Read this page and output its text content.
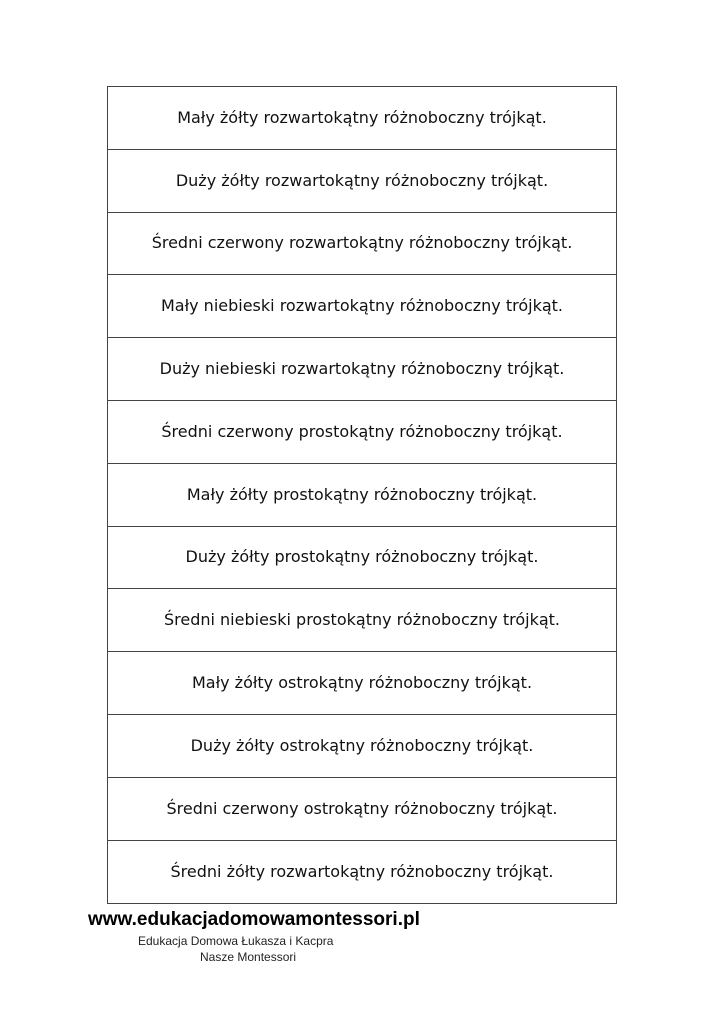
Mały żółty rozwartokątny różnoboczny trójkąt.
Duży żółty rozwartokątny różnoboczny trójkąt.
Średni czerwony rozwartokątny różnoboczny trójkąt.
Mały niebieski rozwartokątny różnoboczny trójkąt.
Duży niebieski rozwartokątny różnoboczny trójkąt.
Średni czerwony prostokątny różnoboczny trójkąt.
Mały żółty prostokątny różnoboczny trójkąt.
Duży żółty prostokątny różnoboczny trójkąt.
Średni niebieski prostokątny różnoboczny trójkąt.
Mały żółty ostrokątny różnoboczny trójkąt.
Duży żółty ostrokątny różnoboczny trójkąt.
Średni czerwony ostrokątny różnoboczny trójkąt.
Średni żółty rozwartokątny różnoboczny trójkąt.
www.edukacjadomowamontessori.pl
Edukacja Domowa Łukasza i Kacpra
Nasze Montessori
